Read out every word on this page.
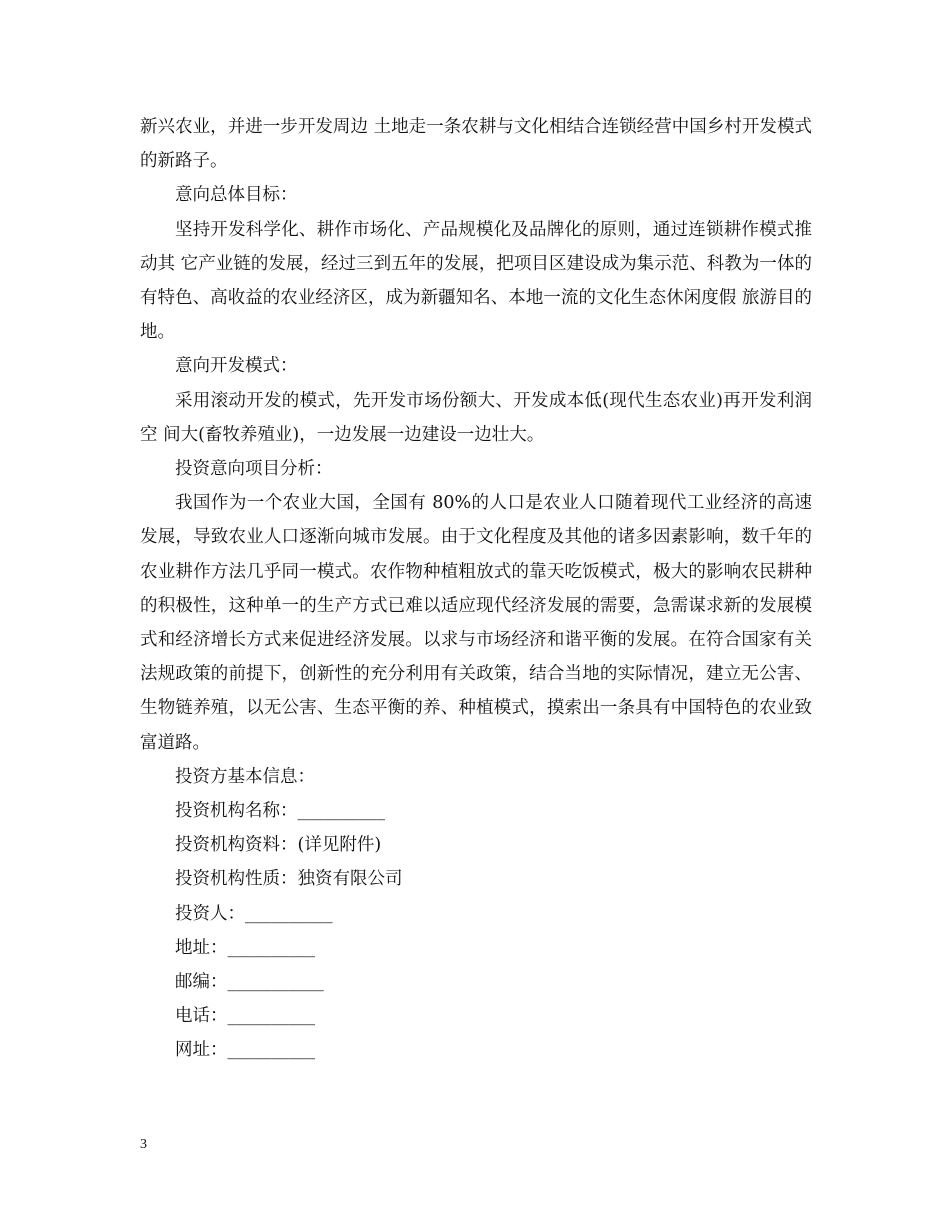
新兴农业，并进一步开发周边 土地走一条农耕与文化相结合连锁经营中国乡村开发模式的新路子。

意向总体目标：

坚持开发科学化、耕作市场化、产品规模化及品牌化的原则，通过连锁耕作模式推动其 它产业链的发展，经过三到五年的发展，把项目区建设成为集示范、科教为一体的有特色、高收益的农业经济区，成为新疆知名、本地一流的文化生态休闲度假 旅游目的地。

意向开发模式：

采用滚动开发的模式，先开发市场份额大、开发成本低(现代生态农业)再开发利润空 间大(畜牧养殖业)，一边发展一边建设一边壮大。

投资意向项目分析：

我国作为一个农业大国，全国有 80%的人口是农业人口随着现代工业经济的高速发展，导致农业人口逐渐向城市发展。由于文化程度及其他的诸多因素影响，数千年的农业耕作方法几乎同一模式。农作物种植粗放式的靠天吃饭模式，极大的影响农民耕种的积极性，这种单一的生产方式已难以适应现代经济发展的需要，急需谋求新的发展模式和经济增长方式来促进经济发展。以求与市场经济和谐平衡的发展。在符合国家有关法规政策的前提下，创新性的充分利用有关政策，结合当地的实际情况，建立无公害、生物链养殖，以无公害、生态平衡的养、种植模式，摸索出一条具有中国特色的农业致富道路。

投资方基本信息：

投资机构名称：__________

投资机构资料：(详见附件)

投资机构性质：独资有限公司

投资人：__________

地址：__________

邮编：___________

电话：__________

网址：__________

3
